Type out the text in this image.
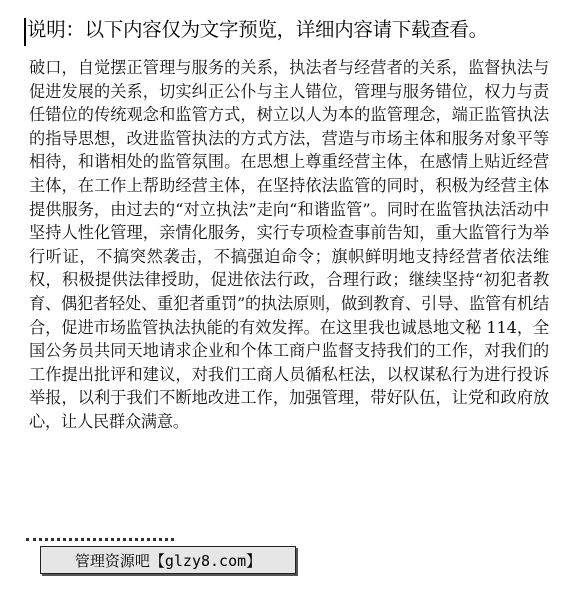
说明：以下内容仅为文字预览，详细内容请下载查看。
破口，自觉摆正管理与服务的关系，执法者与经营者的关系，监督执法与促进发展的关系，切实纠正公仆与主人错位，管理与服务错位，权力与责任错位的传统观念和监管方式，树立以人为本的监管理念，端正监管执法的指导思想，改进监管执法的方式方法，营造与市场主体和服务对象平等相待，和谐相处的监管氛围。在思想上尊重经营主体，在感情上贴近经营主体，在工作上帮助经营主体，在坚持依法监管的同时，积极为经营主体提供服务，由过去的“对立执法”走向“和谐监管”。同时在监管执法活动中坚持人性化管理，亲情化服务，实行专项检查事前告知，重大监管行为举行听证，不搞突然袭击，不搞强迫命令；旗帜鲜明地支持经营者依法维权，积极提供法律授助，促进依法行政，合理行政；继续坚持“初犯者教育、偶犯者轻处、重犯者重罚”的执法原则，做到教育、引导、监管有机结合，促进市场监管执法执能的有效发挥。在这里我也诚恳地文秘 114，全国公务员共同天地请求企业和个体工商户监督支持我们的工作，对我们的工作提出批评和建议，对我们工商人员循私枉法，以权谋私行为进行投诉举报，以利于我们不断地改进工作，加强管理，带好队伍，让党和政府放心，让人民群众满意。
管理资源吧【glzy8.com】
